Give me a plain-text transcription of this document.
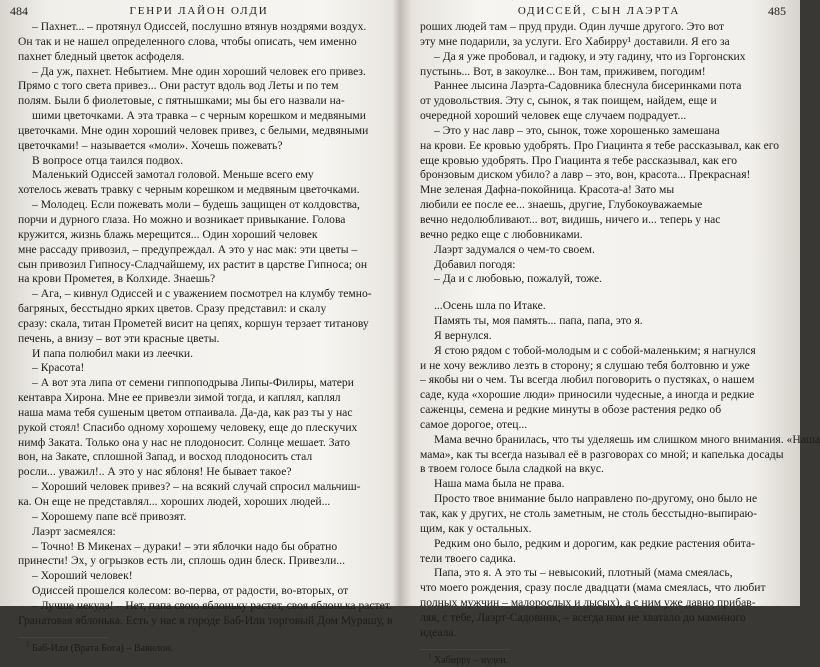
484	ГЕНРИ ЛАЙОН ОЛДИ
– Пахнет... – протянул Одиссей, послушно втянув ноздрями воздух.
Он так и не нашел определенного слова, чтобы описать, чем именно
пахнет бледный цветок асфоделя.
– Да уж, пахнет. Небытием. Мне один хороший человек его привез.
Прямо с того света привез... Они растут вдоль вод Леты и по тем
полям. Были б фиолетовые, с пятнышками; мы бы его назвали на-
шими цветочками. А эта травка – с черным корешком и медвяными
цветочками. Мне один хороший человек привез, с белыми, медвяными
цветочками! – называется «моли». Хочешь пожевать?
В вопросе отца таился подвох.
Маленький Одиссей замотал головой. Меньше всего ему
хотелось жевать травку с черным корешком и медвяным цветочками.
– Молодец. Если пожевать моли – будешь защищен от колдовства,
порчи и дурного глаза. Но можно и возникает привыкание. Голова
кружится, жизнь блажь мерещится... Один хороший человек
мне рассаду привозил, – предупреждал. А это у нас мак: эти цветы –
сын привозил Гипносу-Сладчайшему, их растит в царстве Гипноса; он
на крови Прометея, в Колхиде. Знаешь?
– Ага, – кивнул Одиссей и с уважением посмотрел на клумбу темно-
багряных, бесстыдно ярких цветов. Сразу представил: и скалу
сразу: скала, титан Прометей висит на цепях, коршун терзает титанову
печень, а внизу – вот эти красные цветы.
И папа полюбил маки из леечки.
– Красота!
– А вот эта липа от семени гиппоподрыва Липы-Филиры, матери
кентавра Хирона. Мне ее привезли зимой тогда, и каплял, каплял
наша мама тебя сушеным цветом отпаивала. Да-да, как раз ты у нас
рукой стоял! Спасибо одному хорошему человеку, еще до плескучих
нимф Заката. Только она у нас не плодоносит. Солнце мешает. Зато
вон, на Закате, сплошной Запад, и восход плодоносить стал
росли... уважил!.. А это у нас яблоня! Не бывает такое?
– Хороший человек привез? – на всякий случай спросил мальчиш-
ка. Он еще не представлял... хороших людей, хороших людей...
– Хорошему папе всё привозят.
Лаэрт засмеялся:
– Точно! В Микенах – дураки! – эти яблочки надо бы обратно
принести! Эх, у огрызков есть ли, сплошь один блеск. Привезли...
– Хороший человек!
Одиссей прошелся колесом: во-перва, от радости, во-вторых, от
– Лучше некуда! – Нет, папа свою яблоньку растет, своя яблонька растет.
Гранатовая яблонька. Есть у нас в городе Баб-Или торговый Дом Мурашу, в
$^1$ Баб-Или (Врата Бога) – Вавилон.
ОДИССЕЙ, СЫН ЛАЭРТА	485
роших людей там – пруд пруди. Один лучше другого. Это вот
эту мне подарили, за услуги. Его Хабирру¹ доставили. Я его за
– Да я уже пробовал, и гадюку, и эту гадину, что из Горгонских
пустынь... Вот, в закоулке... Вон там, приживем, погодим!
Раннее лысина Лаэрта-Садовника блеснула бисеринками пота
от удовольствия. Эту с, сынок, я так поищем, найдем, еще и
очередной хороший человек еще случаем подрадует...
– Это у нас лавр – это, сынок, тоже хорошенько замешана
на крови. Ее кровью удобрять. Про Гиацинта я тебе рассказывал, как его
еще кровью удобрять. Про Гиацинта я тебе рассказывал, как его
бронзовым диском убило? а лавр – это, вон, красота... Прекрасная!
Мне зеленая Дафна-покойница. Красота-а! Зато мы
любили ее после ее... знаешь, другие, Глубокоуважаемые
вечно недолюбливают... вот, видишь, ничего и... теперь у нас
вечно редко еще с любовниками.
Лаэрт задумался о чем-то своем.
Добавил погодя:
– Да и с любовью, пожалуй, тоже.
...Осень шла по Итаке.
Память ты, моя память... папа, папа, это я.
Я вернулся.
Я стою рядом с тобой-молодым и с собой-маленьким; я нагнулся
и не хочу вежливо лезть в сторону; я слушаю тебя болтовню и уже
– якобы ни о чем. Ты всегда любил поговорить о пустяках, о нашем
саде, куда «хорошие люди» приносили чудесные, а иногда и редкие
саженцы, семена и редкие минуты в обозе растения редко об
самое дорогое, отец...
Мама вечно бранилась, что ты уделяешь им слишком много внимания. «Наша
мама», как ты всегда называл её в разговорах со мной; и капелька досады
в твоем голосе была сладкой на вкус.
Наша мама была не права.
Просто твое внимание было направлено по-другому, оно было не
так, как у других, не столь заметным, не столь бесстыдно-выпираю-
щим, как у остальных.
Редким оно было, редким и дорогим, как редкие растения обита-
тели твоего садика.
Папа, это я. А это ты – невысокий, плотный (мама смеялась,
что моего рождения, сразу после двадцати (мама смеялась, что любит
полных мужчин – малорослых и лысых), а с ним уже давно прибав-
ляя, с тебе, Лаэрт-Садовник, – всегда нам не хватало до маминого
идеала.
$^1$ Хабирру – иудеи.
